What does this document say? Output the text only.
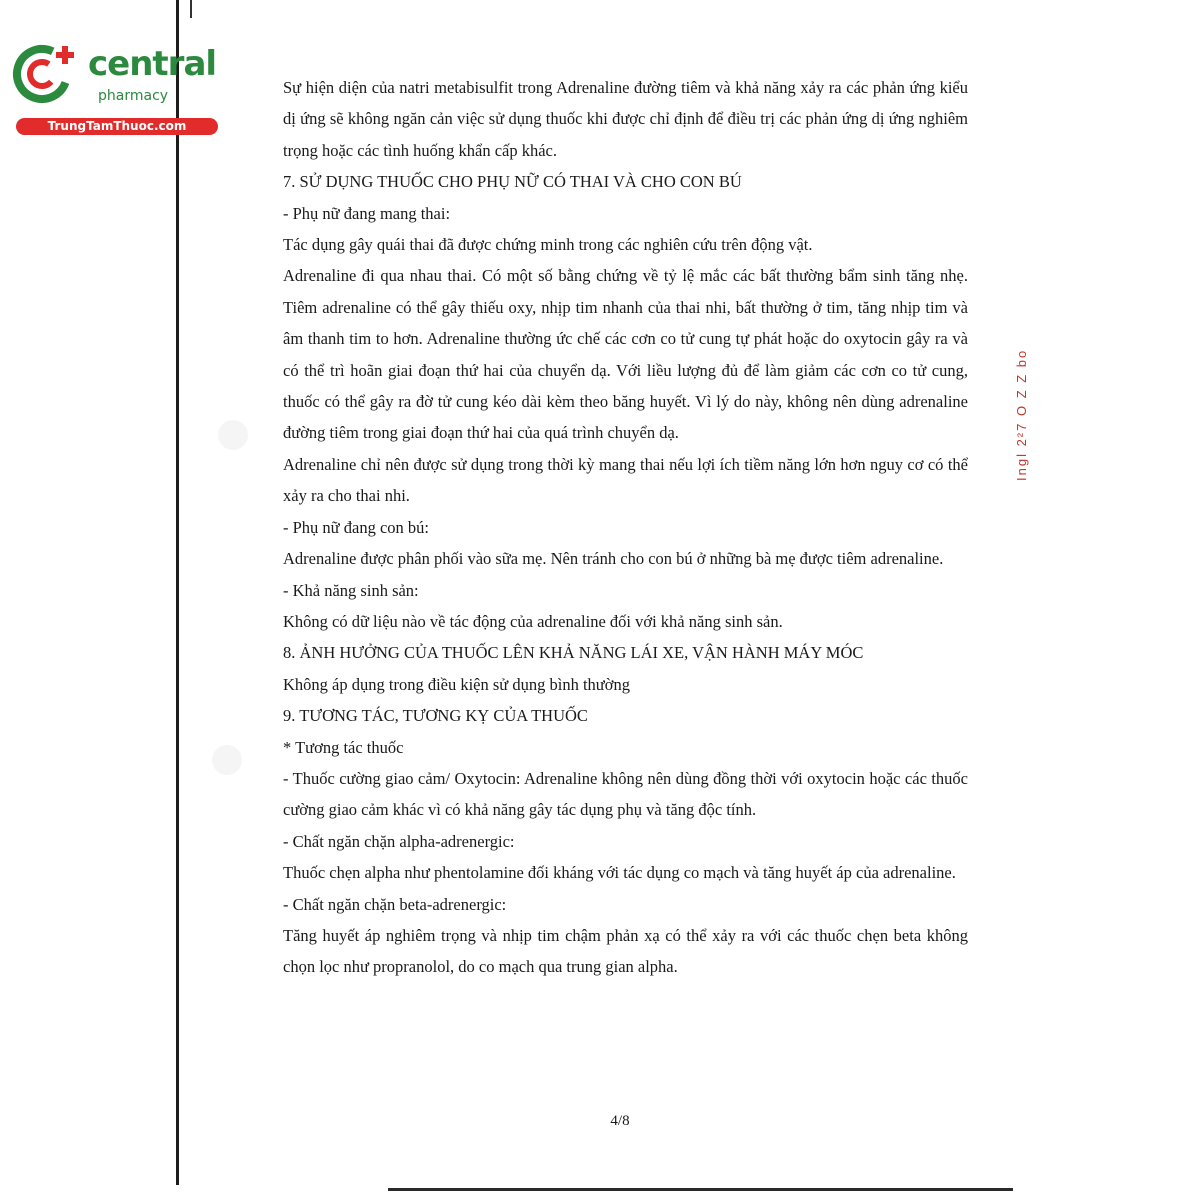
central
pharmacy
TrungTamThuoc.com
Ingl 2²7 O Z Z bo

Sự hiện diện của natri metabisulfit trong Adrenaline đường tiêm và khả năng xảy ra các phản ứng kiểu dị ứng sẽ không ngăn cản việc sử dụng thuốc khi được chỉ định để điều trị các phản ứng dị ứng nghiêm trọng hoặc các tình huống khẩn cấp khác.

7. SỬ DỤNG THUỐC CHO PHỤ NỮ CÓ THAI VÀ CHO CON BÚ

- Phụ nữ đang mang thai:

Tác dụng gây quái thai đã được chứng minh trong các nghiên cứu trên động vật.

Adrenaline đi qua nhau thai. Có một số bằng chứng về tỷ lệ mắc các bất thường bẩm sinh tăng nhẹ. Tiêm adrenaline có thể gây thiếu oxy, nhịp tim nhanh của thai nhi, bất thường ở tim, tăng nhịp tim và âm thanh tim to hơn. Adrenaline thường ức chế các cơn co tử cung tự phát hoặc do oxytocin gây ra và có thể trì hoãn giai đoạn thứ hai của chuyển dạ. Với liều lượng đủ để làm giảm các cơn co tử cung, thuốc có thể gây ra đờ tử cung kéo dài kèm theo băng huyết. Vì lý do này, không nên dùng adrenaline đường tiêm trong giai đoạn thứ hai của quá trình chuyển dạ.

Adrenaline chỉ nên được sử dụng trong thời kỳ mang thai nếu lợi ích tiềm năng lớn hơn nguy cơ có thể xảy ra cho thai nhi.

- Phụ nữ đang con bú:

Adrenaline được phân phối vào sữa mẹ. Nên tránh cho con bú ở những bà mẹ được tiêm adrenaline.

- Khả năng sinh sản:

Không có dữ liệu nào về tác động của adrenaline đối với khả năng sinh sản.

8. ẢNH HƯỞNG CỦA THUỐC LÊN KHẢ NĂNG LÁI XE, VẬN HÀNH MÁY MÓC

Không áp dụng trong điều kiện sử dụng bình thường

9. TƯƠNG TÁC, TƯƠNG KỴ CỦA THUỐC

* Tương tác thuốc

- Thuốc cường giao cảm/ Oxytocin: Adrenaline không nên dùng đồng thời với oxytocin hoặc các thuốc cường giao cảm khác vì có khả năng gây tác dụng phụ và tăng độc tính.

- Chất ngăn chặn alpha-adrenergic:

Thuốc chẹn alpha như phentolamine đối kháng với tác dụng co mạch và tăng huyết áp của adrenaline.

- Chất ngăn chặn beta-adrenergic:

Tăng huyết áp nghiêm trọng và nhịp tim chậm phản xạ có thể xảy ra với các thuốc chẹn beta không chọn lọc như propranolol, do co mạch qua trung gian alpha.

4/8
